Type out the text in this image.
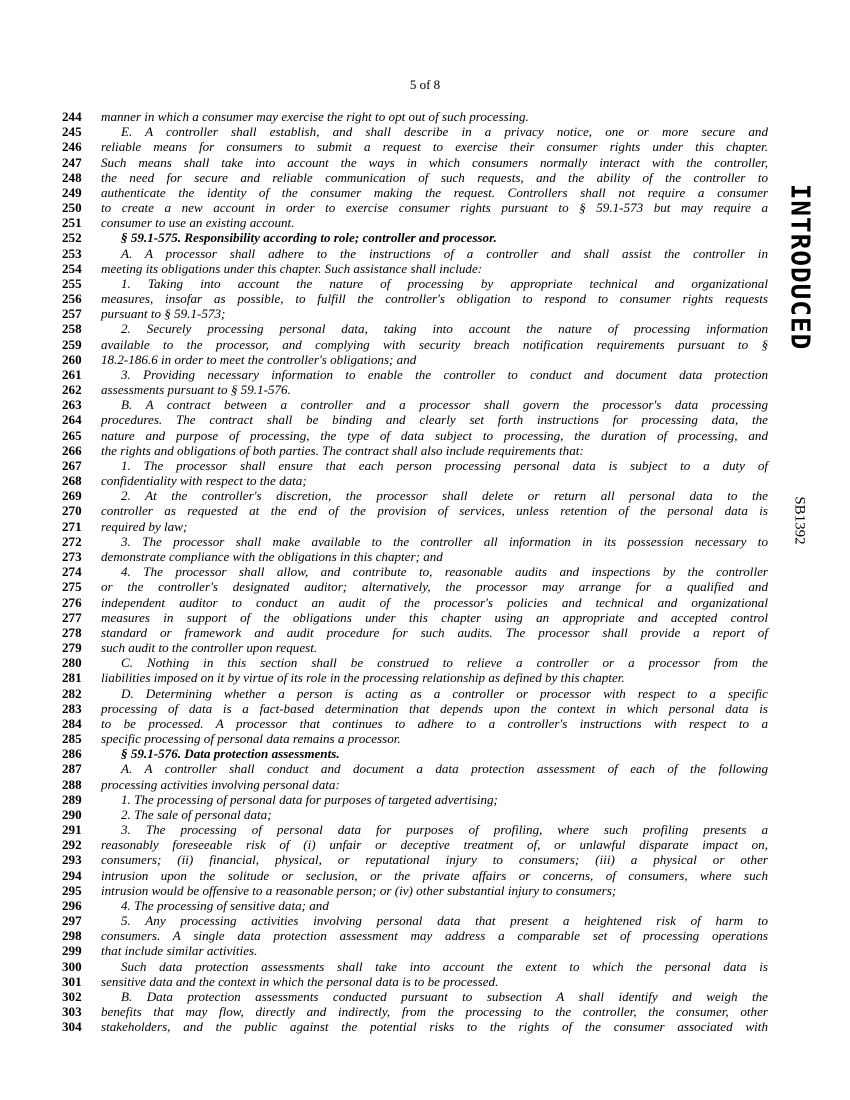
5 of 8
244 manner in which a consumer may exercise the right to opt out of such processing.
245	E. A controller shall establish, and shall describe in a privacy notice, one or more secure and
246 reliable means for consumers to submit a request to exercise their consumer rights under this chapter.
247 Such means shall take into account the ways in which consumers normally interact with the controller,
248 the need for secure and reliable communication of such requests, and the ability of the controller to
249 authenticate the identity of the consumer making the request. Controllers shall not require a consumer
250 to create a new account in order to exercise consumer rights pursuant to § 59.1-573 but may require a
251 consumer to use an existing account.
252	§ 59.1-575. Responsibility according to role; controller and processor.
253	A. A processor shall adhere to the instructions of a controller and shall assist the controller in
254 meeting its obligations under this chapter. Such assistance shall include:
255	1. Taking into account the nature of processing by appropriate technical and organizational
256 measures, insofar as possible, to fulfill the controller's obligation to respond to consumer rights requests
257 pursuant to § 59.1-573;
258	2. Securely processing personal data, taking into account the nature of processing information
259 available to the processor, and complying with security breach notification requirements pursuant to §
260 18.2-186.6 in order to meet the controller's obligations; and
261	3. Providing necessary information to enable the controller to conduct and document data protection
262 assessments pursuant to § 59.1-576.
263	B. A contract between a controller and a processor shall govern the processor's data processing
264 procedures. The contract shall be binding and clearly set forth instructions for processing data, the
265 nature and purpose of processing, the type of data subject to processing, the duration of processing, and
266 the rights and obligations of both parties. The contract shall also include requirements that:
267	1. The processor shall ensure that each person processing personal data is subject to a duty of
268 confidentiality with respect to the data;
269	2. At the controller's discretion, the processor shall delete or return all personal data to the
270 controller as requested at the end of the provision of services, unless retention of the personal data is
271 required by law;
272	3. The processor shall make available to the controller all information in its possession necessary to
273 demonstrate compliance with the obligations in this chapter; and
274	4. The processor shall allow, and contribute to, reasonable audits and inspections by the controller
275 or the controller's designated auditor; alternatively, the processor may arrange for a qualified and
276 independent auditor to conduct an audit of the processor's policies and technical and organizational
277 measures in support of the obligations under this chapter using an appropriate and accepted control
278 standard or framework and audit procedure for such audits. The processor shall provide a report of
279 such audit to the controller upon request.
280	C. Nothing in this section shall be construed to relieve a controller or a processor from the
281 liabilities imposed on it by virtue of its role in the processing relationship as defined by this chapter.
282	D. Determining whether a person is acting as a controller or processor with respect to a specific
283 processing of data is a fact-based determination that depends upon the context in which personal data is
284 to be processed. A processor that continues to adhere to a controller's instructions with respect to a
285 specific processing of personal data remains a processor.
286	§ 59.1-576. Data protection assessments.
287	A. A controller shall conduct and document a data protection assessment of each of the following
288 processing activities involving personal data:
289	1. The processing of personal data for purposes of targeted advertising;
290	2. The sale of personal data;
291	3. The processing of personal data for purposes of profiling, where such profiling presents a
292 reasonably foreseeable risk of (i) unfair or deceptive treatment of, or unlawful disparate impact on,
293 consumers; (ii) financial, physical, or reputational injury to consumers; (iii) a physical or other
294 intrusion upon the solitude or seclusion, or the private affairs or concerns, of consumers, where such
295 intrusion would be offensive to a reasonable person; or (iv) other substantial injury to consumers;
296	4. The processing of sensitive data; and
297	5. Any processing activities involving personal data that present a heightened risk of harm to
298 consumers. A single data protection assessment may address a comparable set of processing operations
299 that include similar activities.
300	Such data protection assessments shall take into account the extent to which the personal data is
301 sensitive data and the context in which the personal data is to be processed.
302	B. Data protection assessments conducted pursuant to subsection A shall identify and weigh the
303 benefits that may flow, directly and indirectly, from the processing to the controller, the consumer, other
304 stakeholders, and the public against the potential risks to the rights of the consumer associated with
INTRODUCED
SB1392
